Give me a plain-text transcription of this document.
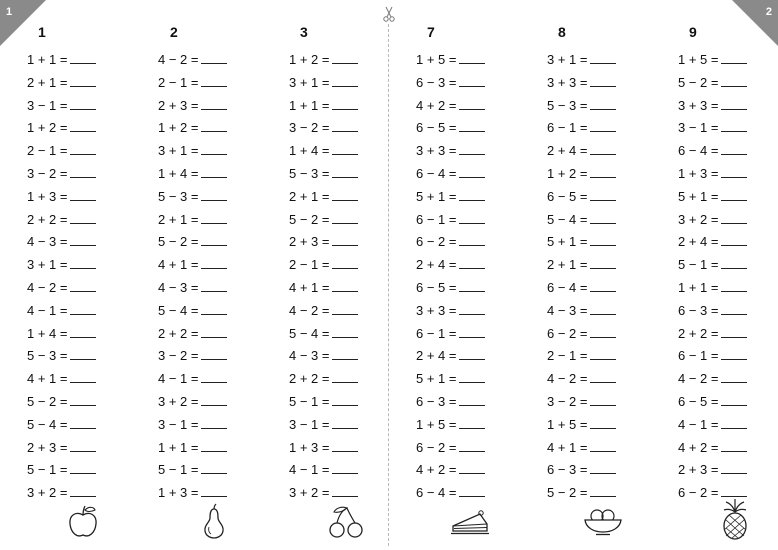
1	2
1
1 + 1 =
2 + 1 =
3 − 1 =
1 + 2 =
2 − 1 =
3 − 2 =
1 + 3 =
2 + 2 =
4 − 3 =
3 + 1 =
4 − 2 =
4 − 1 =
1 + 4 =
5 − 3 =
4 + 1 =
5 − 2 =
5 − 4 =
2 + 3 =
5 − 1 =
3 + 2 =
2
4 − 2 =
2 − 1 =
2 + 3 =
1 + 2 =
3 + 1 =
1 + 4 =
5 − 3 =
2 + 1 =
5 − 2 =
4 + 1 =
4 − 3 =
5 − 4 =
2 + 2 =
3 − 2 =
4 − 1 =
3 + 2 =
3 − 1 =
1 + 1 =
5 − 1 =
1 + 3 =
3
1 + 2 =
3 + 1 =
1 + 1 =
3 − 2 =
1 + 4 =
5 − 3 =
2 + 1 =
5 − 2 =
2 + 3 =
2 − 1 =
4 + 1 =
4 − 2 =
5 − 4 =
4 − 3 =
2 + 2 =
5 − 1 =
3 − 1 =
1 + 3 =
4 − 1 =
3 + 2 =
7
1 + 5 =
6 − 3 =
4 + 2 =
6 − 5 =
3 + 3 =
6 − 4 =
5 + 1 =
6 − 1 =
6 − 2 =
2 + 4 =
6 − 5 =
3 + 3 =
6 − 1 =
2 + 4 =
5 + 1 =
6 − 3 =
1 + 5 =
6 − 2 =
4 + 2 =
6 − 4 =
8
3 + 1 =
3 + 3 =
5 − 3 =
6 − 1 =
2 + 4 =
1 + 2 =
6 − 5 =
5 − 4 =
5 + 1 =
2 + 1 =
6 − 4 =
4 − 3 =
6 − 2 =
2 − 1 =
4 − 2 =
3 − 2 =
1 + 5 =
4 + 1 =
6 − 3 =
5 − 2 =
9
1 + 5 =
5 − 2 =
3 + 3 =
3 − 1 =
6 − 4 =
1 + 3 =
5 + 1 =
3 + 2 =
2 + 4 =
5 − 1 =
1 + 1 =
6 − 3 =
2 + 2 =
6 − 1 =
4 − 2 =
6 − 5 =
4 − 1 =
4 + 2 =
2 + 3 =
6 − 2 =
